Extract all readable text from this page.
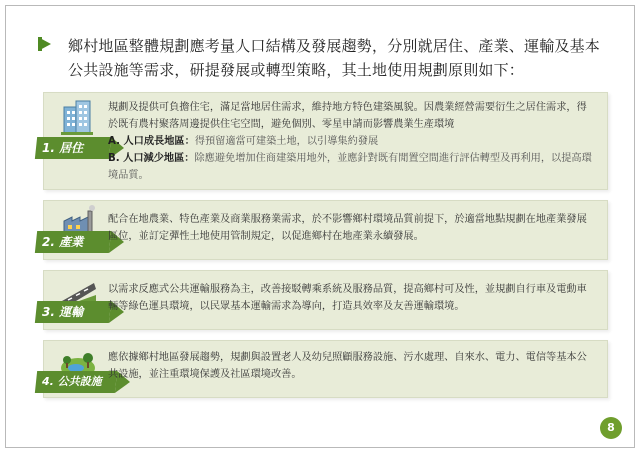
鄉村地區整體規劃應考量人口結構及發展趨勢，分別就居住、產業、運輸及基本公共設施等需求，研提發展或轉型策略，其土地使用規劃原則如下：
1. 居住
規劃及提供可負擔住宅，滿足當地居住需求，維持地方特色建築風貌。因農業經營需要衍生之居住需求，得於既有農村聚落周邊提供住宅空間，避免個別、零星申請而影響農業生產環境
A. 人口成長地區：得預留適當可建築土地，以引導集約發展
B. 人口減少地區：除應避免增加住商建築用地外，並應針對既有閒置空間進行評估轉型及再利用，以提高環境品質。
2. 產業
配合在地農業、特色產業及商業服務業需求，於不影響鄉村環境品質前提下，於適當地點規劃在地產業發展區位，並訂定彈性土地使用管制規定，以促進鄉村在地產業永續發展。
3. 運輸
以需求反應式公共運輸服務為主，改善接駁轉乘系統及服務品質，提高鄉村可及性，並規劃自行車及電動車輛等綠色運具環境，以民眾基本運輸需求為導向，打造具效率及友善運輸環境。
4. 公共設施
應依據鄉村地區發展趨勢，規劃與設置老人及幼兒照顧服務設施、污水處理、自來水、電力、電信等基本公共設施，並注重環境保護及社區環境改善。
8
